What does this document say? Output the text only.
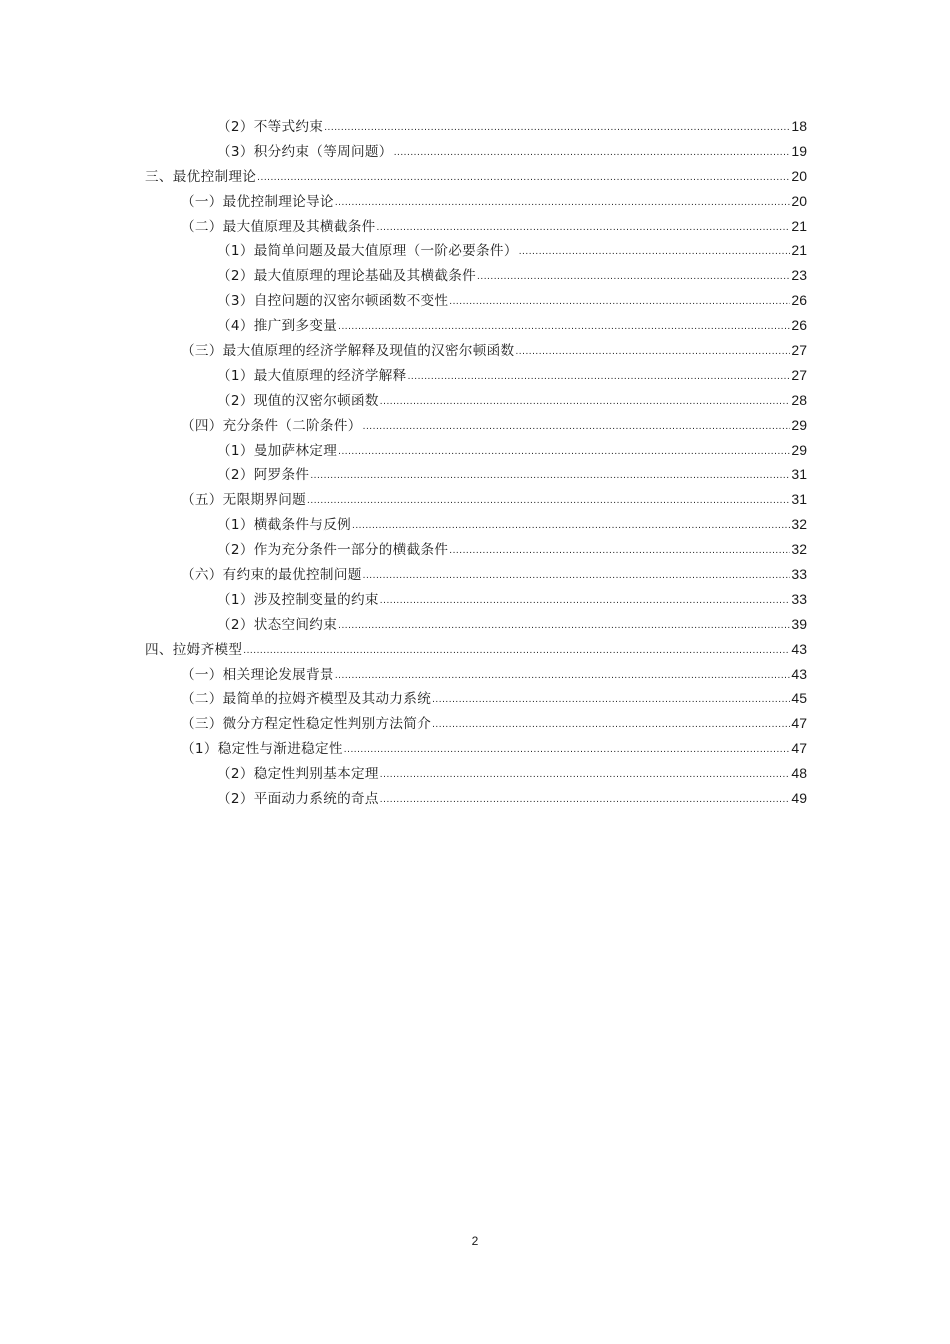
（2）不等式约束 .....	18
（3）积分约束（等周问题） .....	19
三、最优控制理论 .....	20
（一）最优控制理论导论 .....	20
（二）最大值原理及其横截条件 .....	21
（1）最简单问题及最大值原理（一阶必要条件） .....	21
（2）最大值原理的理论基础及其横截条件 .....	23
（3）自控问题的汉密尔顿函数不变性 .....	26
（4）推广到多变量 .....	26
（三）最大值原理的经济学解释及现值的汉密尔顿函数 .....	27
（1）最大值原理的经济学解释 .....	27
（2）现值的汉密尔顿函数 .....	28
（四）充分条件（二阶条件） .....	29
（1）曼加萨林定理 .....	29
（2）阿罗条件 .....	31
（五）无限期界问题 .....	31
（1）横截条件与反例 .....	32
（2）作为充分条件一部分的横截条件 .....	32
（六）有约束的最优控制问题 .....	33
（1）涉及控制变量的约束 .....	33
（2）状态空间约束 .....	39
四、拉姆齐模型 .....	43
（一）相关理论发展背景 .....	43
（二）最简单的拉姆齐模型及其动力系统 .....	45
（三）微分方程定性稳定性判别方法简介 .....	47
（1）稳定性与渐进稳定性 .....	47
（2）稳定性判别基本定理 .....	48
（2）平面动力系统的奇点 .....	49
2
